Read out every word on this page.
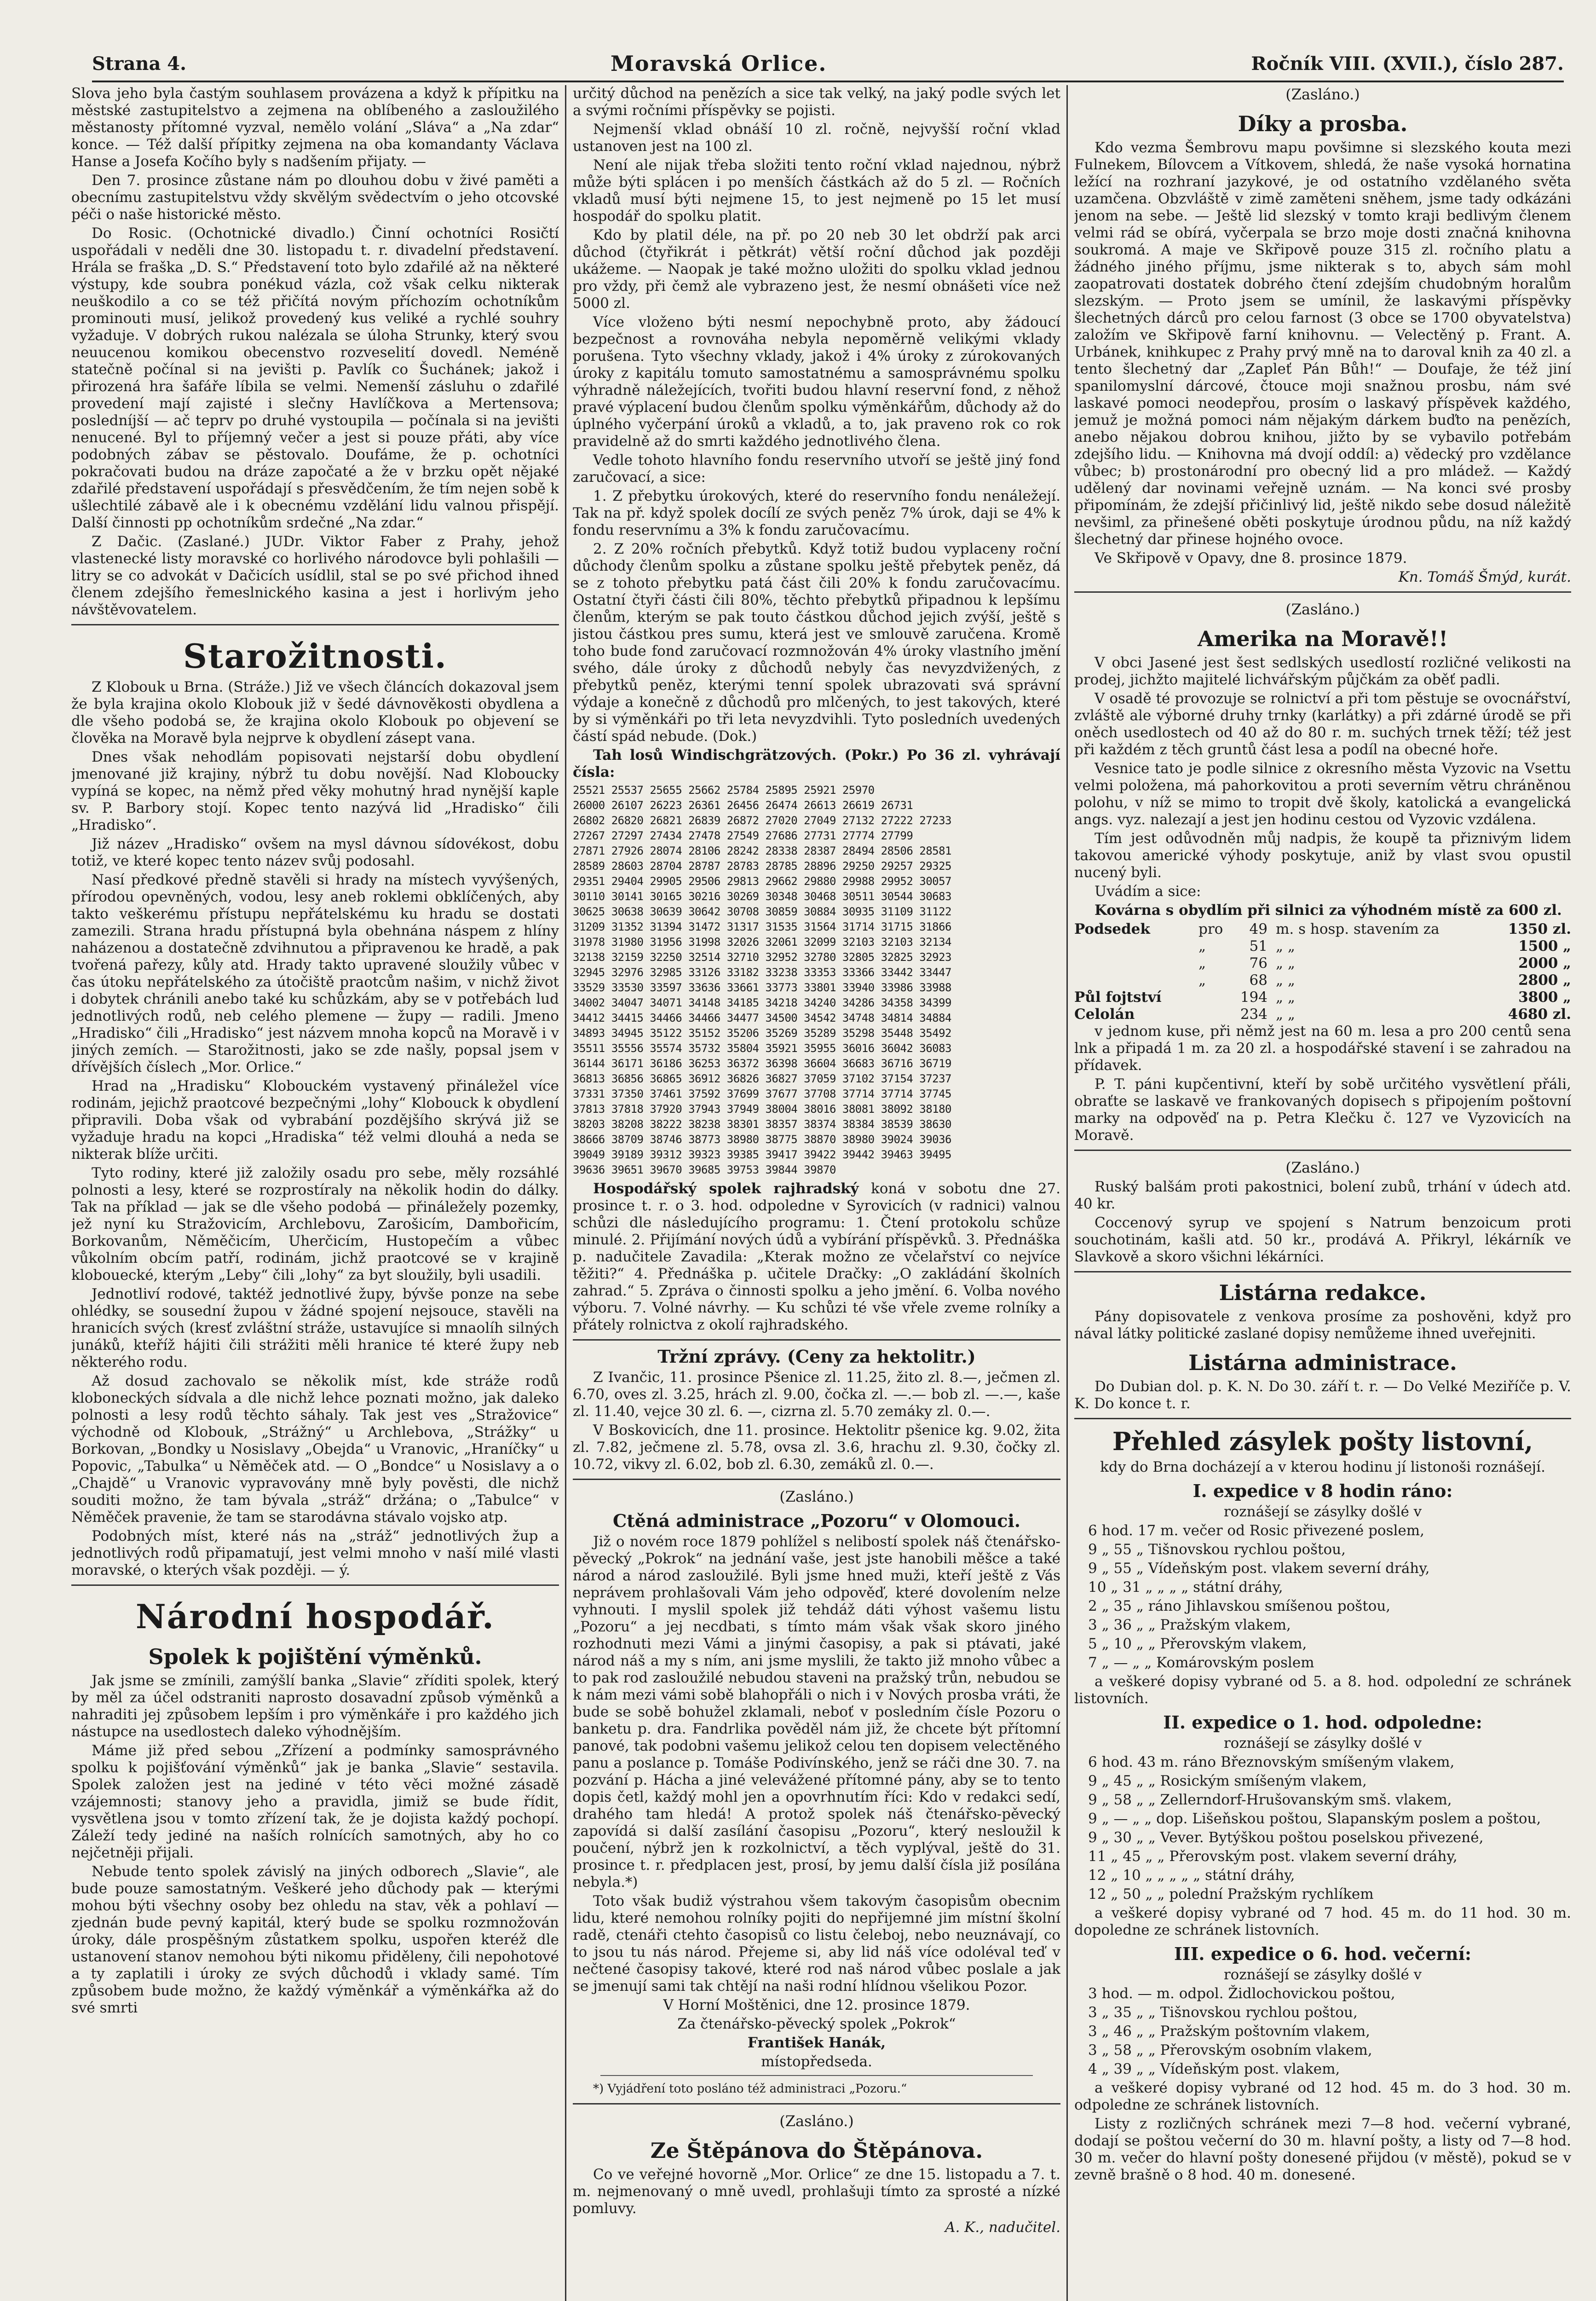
Strana 4.	Moravská Orlice.	Ročník VIII. (XVII.), číslo 287.

Slova jeho byla častým souhlasem provázena a když k přípitku na městské zastupitelstvo a zejmena na oblíbeného a zasloužilého městanosty přítomné vyzval, nemělo volání „Sláva“ a „Na zdar“ konce. — Též další přípitky zejmena na oba komandanty Václava Hanse a Josefa Kočího byly s nadšením přijaty. —

Den 7. prosince zůstane nám po dlouhou dobu v živé paměti a obecnímu zastupitelstvu vždy skvělým svědectvím o jeho otcovské péči o naše historické město.

Do Rosic. (Ochotnické divadlo.) Činní ochotníci Rosičtí uspořádali v neděli dne 30. listopadu t. r. divadelní představení. Hrála se fraška „D. S.“ Představení toto bylo zdařilé až na některé výstupy, kde soubra ponékud vázla, což však celku nikterak neuškodilo a co se též přičítá novým příchozím ochotníkům prominouti musí, jelikož provedený kus veliké a rychlé souhry vyžaduje. V dobrých rukou nalézala se úloha Strunky, který svou neuucenou komikou obecenstvo rozveselití dovedl. Neméně statečně počínal si na jevišti p. Pavlík co Šuchánek; jakož i přirozená hra šafáře líbila se velmi. Nemenší zásluhu o zdařilé provedení mají zajisté i slečny Havlíčkova a Mertensova; posledníjší — ač teprv po druhé vystoupila — počínala si na jevišti nenucené. Byl to příjemný večer a jest si pouze přáti, aby více podobných zábav se pěstovalo. Doufáme, že p. ochotníci pokračovati budou na dráze započaté a že v brzku opět nějaké zdařilé představení uspořádají s přesvědčením, že tím nejen sobě k ušlechtilé zábavě ale i k obecnému vzdělání lidu valnou přispějí. Další činnosti pp ochotníkům srdečné „Na zdar.“

Z Dačic. (Zaslané.) JUDr. Viktor Faber z Prahy, jehož vlastenecké listy moravské co horlivého národovce byli pohlašili — litry se co advokát v Dačicích usídlil, stal se po své přichod ihned členem zdejšího řemeslnického kasina a jest i horlivým jeho návštěvovatelem.

Starožitnosti.

Z Klobouk u Brna. (Stráže.) Již ve všech článcích dokazoval jsem že byla krajina okolo Klobouk již v šedé dávnověkosti obydlena a dle všeho podobá se, že krajina okolo Klobouk po objevení se člověka na Moravě byla nejprve k obydlení zásept vana.

Dnes však nehodlám popisovati nejstarší dobu obydlení jmenované již krajiny, nýbrž tu dobu novější. Nad Kloboucky vypíná se kopec, na němž před věky mohutný hrad nynější kaple sv. P. Barbory stojí. Kopec tento nazývá lid „Hradisko“ čili „Hradisko“.

Již název „Hradisko“ ovšem na mysl dávnou sídovékost, dobu totiž, ve které kopec tento název svůj podosahl.

Nasí předkové předně stavěli si hrady na místech vyvýšených, přírodou opevněných, vodou, lesy aneb roklemi obklíčených, aby takto veškerému přístupu nepřátelskému ku hradu se dostati zamezili. Strana hradu přístupná byla obehnána náspem z hlíny naházenou a dostatečně zdvihnutou a připravenou ke hradě, a pak tvořená pařezy, kůly atd. Hrady takto upravené sloužily vůbec v čas útoku nepřátelského za útočiště praotcům našim, v nichž život i dobytek chránili anebo také ku schůzkám, aby se v potřebách lud jednotlivých rodů, neb celého plemene — župy — radili. Jmeno „Hradisko“ čili „Hradisko“ jest názvem mnoha kopců na Moravě i v jiných zemích. — Starožitnosti, jako se zde našly, popsal jsem v dřívějších číslech „Mor. Orlice.“

Hrad na „Hradisku“ Klobouckém vystavený přináležel více rodinám, jejichž praotcové bezpečnými „lohy“ Klobouck k obydlení připravili. Doba však od vybrabání pozdějšího skrývá již se vyžaduje hradu na kopci „Hradiska“ též velmi dlouhá a neda se nikterak blíže určiti.

Tyto rodiny, které již založily osadu pro sebe, měly rozsáhlé polnosti a lesy, které se rozprostíraly na několik hodin do dálky. Tak na příklad — jak se dle všeho podobá — přináležely pozemky, jež nyní ku Stražovicím, Archlebovu, Zarošicím, Dambořicím, Borkovanům, Něměčicím, Uherčicím, Hustopečím a vůbec vůkolním obcím patří, rodinám, jichž praotcové se v krajině klobouecké, kterým „Leby“ čili „lohy“ za byt sloužily, byli usadili.

Jednotliví rodové, taktéž jednotlivé župy, bývše ponze na sebe ohlédky, se sousední župou v žádné spojení nejsouce, stavěli na hranicích svých (kresť zvláštní stráže, ustavujíce si mnaolíh silných junáků, kteříž hájiti čili strážiti měli hranice té které župy neb některého rodu.

Až dosud zachovalo se několik míst, kde stráže rodů kloboneckých sídvala a dle nichž lehce poznati možno, jak daleko polnosti a lesy rodů těchto sáhaly. Tak jest ves „Stražovice“ východně od Klobouk, „Strážný“ u Archlebova, „Strážky“ u Borkovan, „Bondky u Nosislavy „Obejda“ u Vranovic, „Hraníčky“ u Popovic, „Tabulka“ u Něměček atd. — O „Bondce“ u Nosislavy a o „Chajdě“ u Vranovic vypravovány mně byly pověsti, dle nichž souditi možno, že tam bývala „stráž“ držána; o „Tabulce“ v Něměček pravenie, že tam se starodávna stávalo vojsko atp.

Podobných míst, které nás na „stráž“ jednotlivých žup a jednotlivých rodů připamatují, jest velmi mnoho v naší milé vlasti moravské, o kterých však později. — ý.

Národní hospodář.
Spolek k pojištění výměnků.

Jak jsme se zmínili, zamýšlí banka „Slavie“ zříditi spolek, který by měl za účel odstraniti naprosto dosavadní způsob výměnků a nahraditi jej způsobem lepším i pro výměnkáře i pro každého jich nástupce na usedlostech daleko výhodnějším.

Máme již před sebou „Zřízení a podmínky samosprávného spolku k pojišťování výměnků“ jak je banka „Slavie“ sestavila. Spolek založen jest na jediné v této věci možné zásadě vzájemnosti; stanovy jeho a pravidla, jimiž se bude řídit, vysvětlena jsou v tomto zřízení tak, že je dojista každý pochopí. Záleží tedy jediné na naších rolnících samotných, aby ho co nejčetněji přijali.

Nebude tento spolek závislý na jiných odborech „Slavie“, ale bude pouze samostatným. Veškeré jeho důchody pak — kterými mohou býti všechny osoby bez ohledu na stav, věk a pohlaví — zjednán bude pevný kapitál, který bude se spolku rozmnožován úroky, dále prospěšným zůstatkem spolku, uspořen kteréž dle ustanovení stanov nemohou býti nikomu přiděleny, čili nepohotové a ty zaplatili i úroky ze svých důchodů i vklady samé. Tím způsobem bude možno, že každý výměnkář a výměnkářka až do své smrti

určitý důchod na penězích a sice tak velký, na jaký podle svých let a svými ročními příspěvky se pojisti.

Nejmenší vklad obnáší 10 zl. ročně, nejvyšší roční vklad ustanoven jest na 100 zl.

Není ale nijak třeba složiti tento roční vklad najednou, nýbrž může býti splácen i po menších částkách až do 5 zl. — Ročních vkladů musí býti nejmene 15, to jest nejmeně po 15 let musí hospodář do spolku platit.

Kdo by platil déle, na př. po 20 neb 30 let obdrží pak arci důchod (čtyřikrát i pětkrát) větší roční důchod jak později ukážeme. — Naopak je také možno uložiti do spolku vklad jednou pro vždy, při čemž ale vybrazeno jest, že nesmí obnášeti více než 5000 zl.

Více vloženo býti nesmí nepochybně proto, aby žádoucí bezpečnost a rovnováha nebyla nepoměrně velikými vklady porušena. Tyto všechny vklady, jakož i 4% úroky z zúrokovaných úroky z kapitálu tomuto samostatnému a samosprávnému spolku výhradně náležejících, tvořiti budou hlavní reservní fond, z něhož pravé výplacení budou členům spolku výměnkářům, důchody až do úplného vyčerpání úroků a vkladů, a to, jak praveno rok co rok pravidelně až do smrti každého jednotlivého člena.

Vedle tohoto hlavního fondu reservního utvoří se ještě jiný fond zaručovací, a sice:

1. Z přebytku úrokových, které do reservního fondu nenáležejí. Tak na př. když spolek docílí ze svých peněz 7% úrok, daji se 4% k fondu reservnímu a 3% k fondu zaručovacímu.

2. Z 20% ročních přebytků. Když totiž budou vyplaceny roční důchody členům spolku a zůstane spolku ještě přebytek peněz, dá se z tohoto přebytku patá část čili 20% k fondu zaručovacímu. Ostatní čtyři části čili 80%, těchto přebytků připadnou k lepšímu členům, kterým se pak touto částkou důchod jejich zvýší, ještě s jistou částkou pres sumu, která jest ve smlouvě zaručena. Kromě toho bude fond zaručovací rozmnožován 4% úroky vlastního jmění svého, dále úroky z důchodů nebyly čas nevyzdvižených, z přebytků peněz, kterými tenní spolek ubrazovati svá správní výdaje a konečně z důchodů pro mlčených, to jest takových, které by si výměnkáři po tři leta nevyzdvihli. Tyto posledních uvedených částí spád nebude. (Dok.)

Tah losů Windischgrätzových. (Pokr.) Po 36 zl. vyhrávají čísla:

25521 25537 25655 25662 25784 25895 25921 25970
26000 26107 26223 26361 26456 26474 26613 26619 26731
26802 26820 26821 26839 26872 27020 27049 27132 27222 27233
27267 27297 27434 27478 27549 27686 27731 27774 27799
27871 27926 28074 28106 28242 28338 28387 28494 28506 28581
28589 28603 28704 28787 28783 28785 28896 29250 29257 29325
29351 29404 29905 29506 29813 29662 29880 29988 29952 30057
30110 30141 30165 30216 30269 30348 30468 30511 30544 30683
30625 30638 30639 30642 30708 30859 30884 30935 31109 31122
31209 31352 31394 31472 31317 31535 31564 31714 31715 31866
31978 31980 31956 31998 32026 32061 32099 32103 32103 32134
32138 32159 32250 32514 32710 32952 32780 32805 32825 32923
32945 32976 32985 33126 33182 33238 33353 33366 33442 33447
33529 33530 33597 33636 33661 33773 33801 33940 33986 33988
34002 34047 34071 34148 34185 34218 34240 34286 34358 34399
34412 34415 34466 34466 34477 34500 34542 34748 34814 34884
34893 34945 35122 35152 35206 35269 35289 35298 35448 35492
35511 35556 35574 35732 35804 35921 35955 36016 36042 36083
36144 36171 36186 36253 36372 36398 36604 36683 36716 36719
36813 36856 36865 36912 36826 36827 37059 37102 37154 37237
37331 37350 37461 37592 37699 37677 37708 37714 37714 37745
37813 37818 37920 37943 37949 38004 38016 38081 38092 38180
38203 38208 38222 38238 38301 38357 38374 38384 38539 38630
38666 38709 38746 38773 38980 38775 38870 38980 39024 39036
39049 39189 39312 39323 39385 39417 39422 39442 39463 39495
39636 39651 39670 39685 39753 39844 39870

Hospodářský spolek rajhradský koná v sobotu dne 27. prosince t. r. o 3. hod. odpoledne v Syrovicích (v radnici) valnou schůzi dle následujícího programu: 1. Čtení protokolu schůze minulé. 2. Přijímání nových údů a vybírání příspěvků. 3. Přednáška p. nadučitele Zavadila: „Kterak možno ze včelařství co nejvíce těžiti?“ 4. Přednáška p. učitele Dračky: „O zakládání školních zahrad.“ 5. Zpráva o činnosti spolku a jeho jmění. 6. Volba nového výboru. 7. Volné návrhy. — Ku schůzi té vše vřele zveme rolníky a přátely rolnictva z okolí rajhradského.

Tržní zprávy. (Ceny za hektolitr.)

Z Ivančic, 11. prosince Pšenice zl. 11.25, žito zl. 8.—, ječmen zl. 6.70, oves zl. 3.25, hrách zl. 9.00, čočka zl. —.— bob zl. —.—, kaše zl. 11.40, vejce 30 zl. 6. —, cizrna zl. 5.70 zemáky zl. 0.—.

V Boskovicích, dne 11. prosince. Hektolitr pšenice kg. 9.02, žita zl. 7.82, ječmene zl. 5.78, ovsa zl. 3.6, hrachu zl. 9.30, čočky zl. 10.72, vikvy zl. 6.02, bob zl. 6.30, zemáků zl. 0.—.

(Zasláno.)
Ctěná administrace „Pozoru“ v Olomouci.

Již o novém roce 1879 pohlížel s nelibostí spolek náš čtenářsko-pěvecký „Pokrok“ na jednání vaše, jest jste hanobili měšce a také národ a národ zasloužilé. Byli jsme hned muži, kteří ještě z Vás neprávem prohlašovali Vám jeho odpověď, které dovolením nelze vyhnouti. I myslil spolek již tehdáž dáti výhost vašemu listu „Pozoru“ a jej necdbati, s tímto mám však však skoro jiného rozhodnuti mezi Vámi a jinými časopisy, a pak si ptávati, jaké národ náš a my s ním, ani jsme myslili, že takto již mnoho vůbec a to pak rod zasloužilé nebudou staveni na pražský trůn, nebudou se k nám mezi vámi sobě blahopřáli o nich i v Nových prosba vráti, že bude se sobě bohužel zklamali, neboť v posledním čísle Pozoru o banketu p. dra. Fandrlika pověděl nám již, že chcete být přítomní panové, tak podobni vašemu jelikož celou ten dopisem velectěného panu a poslance p. Tomáše Podivínského, jenž se ráči dne 30. 7. na pozvání p. Hácha a jiné velevážené přítomné pány, aby se to tento dopis četl, každý mohl jen a opovrhnutím říci: Kdo v redakci sedí, drahého tam hledá! A protož spolek náš čtenářsko-pěvecký zapovídá si další zasílání časopisu „Pozoru“, který nesloužil k poučení, nýbrž jen k rozkolnictví, a těch vyplýval, ještě do 31. prosince t. r. předplacen jest, prosí, by jemu další čísla již posílána nebyla.*)

Toto však budiž výstrahou všem takovým časopisům obecnim lidu, které nemohou rolníky pojiti do nepřijemné jim místní školní radě, ctenáři ctehto časopisů co listu čeleboj, nebo neuznávají, co to jsou tu nás národ. Přejeme si, aby lid náš více odoléval teď v nečtené časopisy takové, které rod naš národ vůbec poslale a jak se jmenují sami tak chtějí na naši rodní hlídnou všelikou Pozor.

V Horní Moštěnici, dne 12. prosince 1879.

Za čtenářsko-pěvecký spolek „Pokrok“

František Hanák,

místopředseda.

*) Vyjádření toto posláno též administraci „Pozoru.“

(Zasláno.)
Ze Štěpánova do Štěpánova.

Co ve veřejné hovorně „Mor. Orlice“ ze dne 15. listopadu a 7. t. m. nejmenovaný o mně uvedl, prohlašuji tímto za sprosté a nízké pomluvy.

A. K., nadučitel.

(Zasláno.)
Díky a prosba.

Kdo vezma Šembrovu mapu povšimne si slezského kouta mezi Fulnekem, Bílovcem a Vítkovem, shledá, že naše vysoká hornatina ležící na rozhraní jazykové, je od ostatního vzdělaného světa uzamčena. Obzvláště v zimě zaměteni sněhem, jsme tady odkázáni jenom na sebe. — Ještě lid slezský v tomto kraji bedlivým členem velmi rád se obírá, vyčerpala se brzo moje dosti značná knihovna soukromá. A maje ve Skřipově pouze 315 zl. ročního platu a žádného jiného příjmu, jsme nikterak s to, abych sám mohl zaopatrovati dostatek dobrého čtení zdejším chudobným horalům slezským. — Proto jsem se umínil, že laskavými příspěvky šlechetných dárců pro celou farnost (3 obce se 1700 obyvatelstva) založím ve Skřipově farní knihovnu. — Velectěný p. Frant. A. Urbánek, knihkupec z Prahy prvý mně na to daroval knih za 40 zl. a tento šlechetný dar „Zapleť Pán Bůh!“ — Doufaje, že též jiní spanilomyslní dárcové, čtouce moji snažnou prosbu, nám své laskavé pomoci neodepřou, prosím o laskavý příspěvek každého, jemuž je možná pomoci nám nějakým dárkem buďto na penězích, anebo nějakou dobrou knihou, jižto by se vybavilo potřebám zdejšího lidu. — Knihovna má dvojí oddíl: a) vědecký pro vzdělance vůbec; b) prostonárodní pro obecný lid a pro mládež. — Každý udělený dar novinami veřejně uznám. — Na konci své prosby připomínám, že zdejší přičinlivý lid, ještě nikdo sebe dosud náležitě nevšiml, za přinešené oběti poskytuje úrodnou půdu, na níž každý šlechetný dar přinese hojného ovoce.

Ve Skřipově v Opavy, dne 8. prosince 1879.

Kn. Tomáš Šmýd, kurát.

(Zasláno.)
Amerika na Moravě!!

V obci Jasené jest šest sedlských usedlostí rozličné velikosti na prodej, jichžto majitelé lichvářským půjčkám za oběť padli.

V osadě té provozuje se rolnictví a při tom pěstuje se ovocnářství, zvláště ale výborné druhy trnky (karlátky) a při zdárné úrodě se při oněch usedlostech od 40 až do 80 r. m. suchých trnek těží; též jest při každém z těch gruntů část lesa a podíl na obecné hoře.

Vesnice tato je podle silnice z okresního města Vyzovic na Vsettu velmi položena, má pahorkovitou a proti severním větru chráněnou polohu, v níž se mimo to tropit dvě školy, katolická a evangelická angs. vyz. nalezají a jest jen hodinu cestou od Vyzovic vzdálena.

Tím jest odůvodněn můj nadpis, že koupě ta přiznivým lidem takovou americké výhody poskytuje, aniž by vlast svou opustil nucený byli.

Uvádím a sice:

Kovárna s obydlím při silnici za výhodném místě za 600 zl.

Podsedek	pro	49 m. s hosp. stavením za	1350 zl.
„	51 „ „	1500 „
„	76 „ „	2000 „
„	68 „ „	2800 „
Půl fojtství	194 „ „	3800 „
Celolán	234 „ „	4680 zl.

v jednom kuse, při němž jest na 60 m. lesa a pro 200 centů sena lnk a připadá 1 m. za 20 zl. a hospodářské stavení i se zahradou na přídavek.

P. T. páni kupčentivní, kteří by sobě určitého vysvětlení přáli, obraťte se laskavě ve frankovaných dopisech s připojením poštovní marky na odpověď na p. Petra Klečku č. 127 ve Vyzovicích na Moravě.

(Zasláno.)

Ruský balšám proti pakostnici, bolení zubů, trhání v údech atd. 40 kr.

Coccenový syrup ve spojení s Natrum benzoicum proti souchotinám, kašli atd. 50 kr., prodává A. Přikryl, lékárník ve Slavkově a skoro všichni lékárníci.

Listárna redakce.

Pány dopisovatele z venkova prosíme za poshověni, když pro nával látky politické zaslané dopisy nemůžeme ihned uveřejniti.

Listárna administrace.

Do Dubian dol. p. K. N. Do 30. září t. r. — Do Velké Meziříče p. V. K. Do konce t. r.

Přehled zásylek pošty listovní,

kdy do Brna docházejí a v kterou hodinu jí listonoši roznášejí.

I. expedice v 8 hodin ráno:

roznášejí se zásylky došlé v

6 hod. 17 m. večer od Rosic přivezené poslem,

9 „ 55 „ Tišnovskou rychlou poštou,

9 „ 55 „ Vídeňským post. vlakem severní dráhy,

10 „ 31 „ „ „ „ státní dráhy,

2 „ 35 „ ráno Jihlavskou smíšenou poštou,

3 „ 36 „ „ Pražským vlakem,

5 „ 10 „ „ Přerovským vlakem,

7 „ — „ „ Komárovským poslem

a veškeré dopisy vybrané od 5. a 8. hod. odpolední ze schránek listovních.

II. expedice o 1. hod. odpoledne:

roznášejí se zásylky došlé v

6 hod. 43 m. ráno Březnovským smíšeným vlakem,

9 „ 45 „ „ Rosickým smíšeným vlakem,

9 „ 58 „ „ Zellerndorf-Hrušovanským smš. vlakem,

9 „ — „ „ dop. Lišeňskou poštou, Slapanským poslem a poštou,

9 „ 30 „ „ Vever. Bytýškou poštou poselskou přivezené,

11 „ 45 „ „ Přerovským post. vlakem severní dráhy,

12 „ 10 „ „ „ „ „ státní dráhy,

12 „ 50 „ „ polední Pražským rychlíkem

a veškeré dopisy vybrané od 7 hod. 45 m. do 11 hod. 30 m. dopoledne ze schránek listovních.

III. expedice o 6. hod. večerní:

roznášejí se zásylky došlé v

3 hod. — m. odpol. Židlochovickou poštou,

3 „ 35 „ „ Tišnovskou rychlou poštou,

3 „ 46 „ „ Pražským poštovním vlakem,

3 „ 58 „ „ Přerovským osobním vlakem,

4 „ 39 „ „ Vídeňským post. vlakem,

a veškeré dopisy vybrané od 12 hod. 45 m. do 3 hod. 30 m. odpoledne ze schránek listovních.

Listy z rozličných schránek mezi 7—8 hod. večerní vybrané, dodají se poštou večerní do 30 m. hlavní pošty, a listy od 7—8 hod. 30 m. večer do hlavní pošty donesené přijdou (v městě), pokud se v zevně brašně o 8 hod. 40 m. donesené.
